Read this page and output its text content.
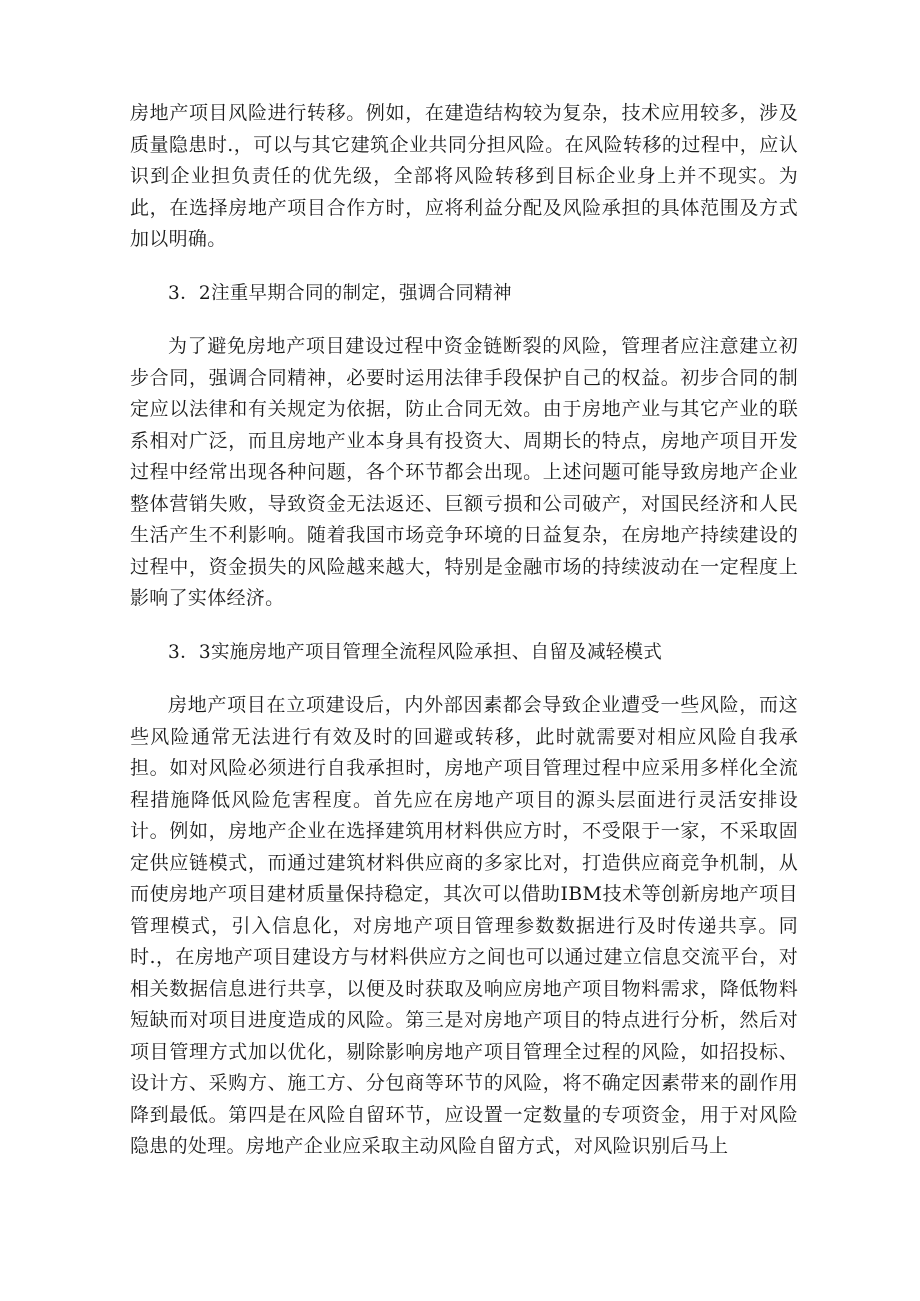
房地产项目风险进行转移。例如，在建造结构较为复杂，技术应用较多，涉及质量隐患时.，可以与其它建筑企业共同分担风险。在风险转移的过程中，应认识到企业担负责任的优先级，全部将风险转移到目标企业身上并不现实。为此，在选择房地产项目合作方时，应将利益分配及风险承担的具体范围及方式加以明确。

3．2注重早期合同的制定，强调合同精神

为了避免房地产项目建设过程中资金链断裂的风险，管理者应注意建立初步合同，强调合同精神，必要时运用法律手段保护自己的权益。初步合同的制定应以法律和有关规定为依据，防止合同无效。由于房地产业与其它产业的联系相对广泛，而且房地产业本身具有投资大、周期长的特点，房地产项目开发过程中经常出现各种问题，各个环节都会出现。上述问题可能导致房地产企业整体营销失败，导致资金无法返还、巨额亏损和公司破产，对国民经济和人民生活产生不利影响。随着我国市场竞争环境的日益复杂，在房地产持续建设的过程中，资金损失的风险越来越大，特别是金融市场的持续波动在一定程度上影响了实体经济。

3．3实施房地产项目管理全流程风险承担、自留及减轻模式

房地产项目在立项建设后，内外部因素都会导致企业遭受一些风险，而这些风险通常无法进行有效及时的回避或转移，此时就需要对相应风险自我承担。如对风险必须进行自我承担时，房地产项目管理过程中应采用多样化全流程措施降低风险危害程度。首先应在房地产项目的源头层面进行灵活安排设计。例如，房地产企业在选择建筑用材料供应方时，不受限于一家，不采取固定供应链模式，而通过建筑材料供应商的多家比对，打造供应商竞争机制，从而使房地产项目建材质量保持稳定，其次可以借助IBM技术等创新房地产项目管理模式，引入信息化，对房地产项目管理参数数据进行及时传递共享。同时.，在房地产项目建设方与材料供应方之间也可以通过建立信息交流平台，对相关数据信息进行共享，以便及时获取及响应房地产项目物料需求，降低物料短缺而对项目进度造成的风险。第三是对房地产项目的特点进行分析，然后对项目管理方式加以优化，剔除影响房地产项目管理全过程的风险，如招投标、设计方、采购方、施工方、分包商等环节的风险，将不确定因素带来的副作用降到最低。第四是在风险自留环节，应设置一定数量的专项资金，用于对风险隐患的处理。房地产企业应采取主动风险自留方式，对风险识别后马上
